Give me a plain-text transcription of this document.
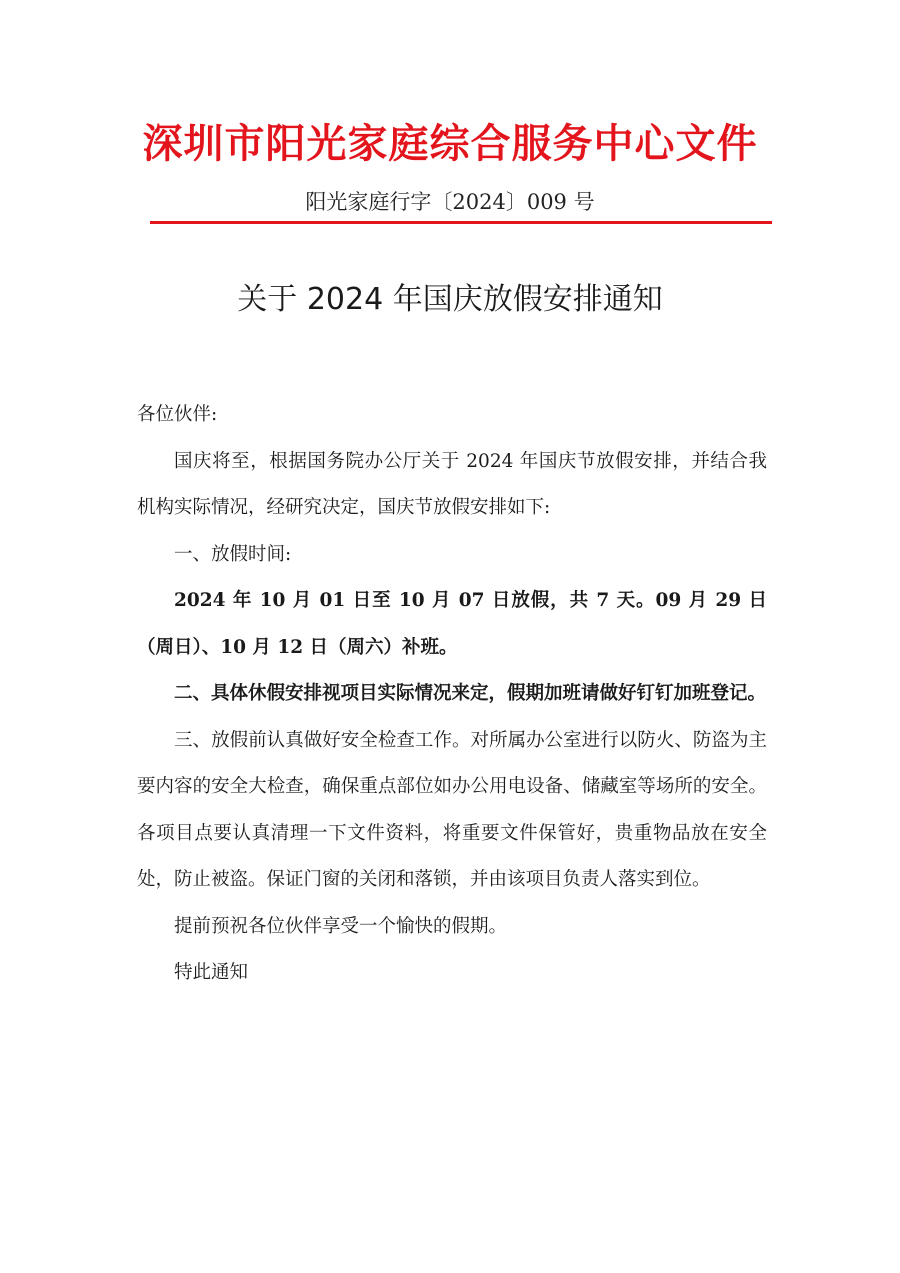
深圳市阳光家庭综合服务中心文件
阳光家庭行字〔2024〕009 号
关于 2024 年国庆放假安排通知

各位伙伴:

国庆将至，根据国务院办公厅关于 2024 年国庆节放假安排，并结合我机构实际情况，经研究决定，国庆节放假安排如下:

一、放假时间:

2024 年 10 月 01 日至 10 月 07 日放假，共 7 天。09 月 29 日（周日）、10 月 12 日（周六）补班。

二、具体休假安排视项目实际情况来定，假期加班请做好钉钉加班登记。

三、放假前认真做好安全检查工作。对所属办公室进行以防火、防盗为主要内容的安全大检查，确保重点部位如办公用电设备、储藏室等场所的安全。各项目点要认真清理一下文件资料，将重要文件保管好，贵重物品放在安全处，防止被盗。保证门窗的关闭和落锁，并由该项目负责人落实到位。

提前预祝各位伙伴享受一个愉快的假期。

特此通知
